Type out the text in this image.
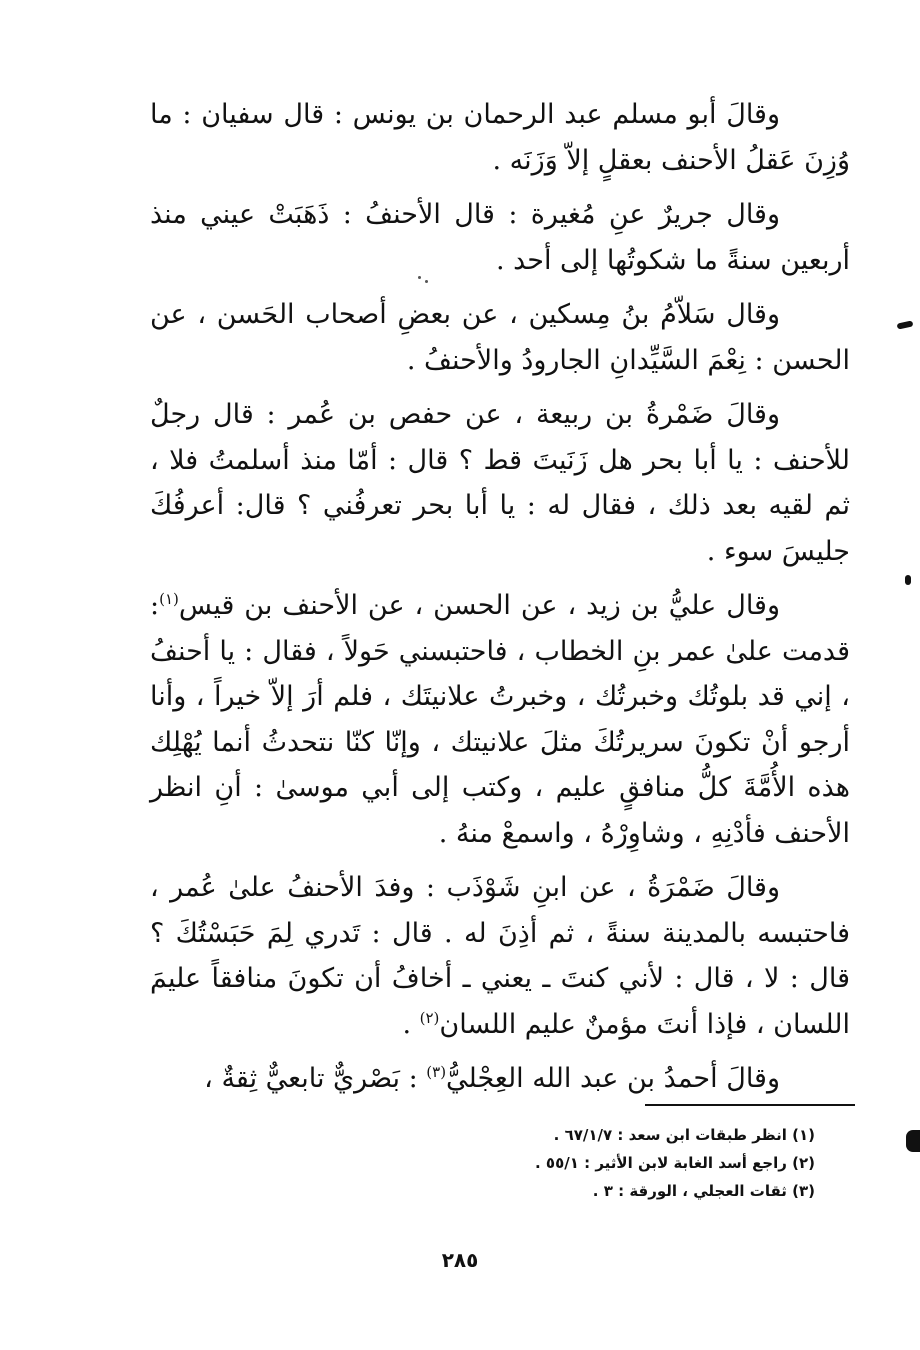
وقالَ أبو مسلم عبد الرحمان بن يونس : قال سفيان : ما وُزِنَ عَقلُ الأحنف بعقلٍ إلاّ وَزَنَه .

وقال جريرٌ عنِ مُغيرة : قال الأحنفُ : ذَهَبَتْ عيني منذ أربعين سنةً ما شكوتُها إلى أحد .

وقال سَلاّمُ بنُ مِسكين ، عن بعضِ أصحاب الحَسن ، عن الحسن : نِعْمَ السَّيِّدانِ الجارودُ والأحنفُ .

وقالَ ضَمْرةُ بن ربيعة ، عن حفص بن عُمر : قال رجلٌ للأحنف : يا أبا بحر هل زَنَيتَ قط ؟ قال : أمّا منذ أسلمتُ فلا ، ثم لقيه بعد ذلك ، فقال له : يا أبا بحر تعرفُني ؟ قال: أعرفُكَ جليسَ سوء .

وقال عليُّ بن زيد ، عن الحسن ، عن الأحنف بن قيس$^{(١)}$: قدمت علىٰ عمر بنِ الخطاب ، فاحتبسني حَولاً ، فقال : يا أحنفُ ، إني قد بلوتُك وخبرتُك ، وخبرتُ علانيتَك ، فلم أرَ إلاّ خيراً ، وأنا أرجو أنْ تكونَ سريرتُكَ مثلَ علانيتك ، وإنّا كنّا نتحدثُ أنما يُهْلِك هذه الأُمَّةَ كلُّ منافقٍ عليم ، وكتب إلى أبي موسىٰ : أنِ انظر الأحنف فأدْنِهِ ، وشاوِرْهُ ، واسمعْ منهُ .

وقالَ ضَمْرَةُ ، عن ابنِ شَوْذَب : وفدَ الأحنفُ علىٰ عُمر ، فاحتبسه بالمدينة سنةً ، ثم أذِنَ له . قال : تَدري لِمَ حَبَسْتُكَ ؟ قال : لا ، قال : لأني كنتَ ـ يعني ـ أخافُ أن تكونَ منافقاً عليمَ اللسان ، فإذا أنتَ مؤمنٌ عليم اللسان$^{(٢)}$ .

وقالَ أحمدُ بن عبد الله العِجْليُّ$^{(٣)}$ : بَصْريٌّ تابعيٌّ ثِقةٌ ،

(١) انظر طبقات ابن سعد : ٦٧/١/٧ .

(٢) راجع أسد الغابة لابن الأثير : ٥٥/١ .

(٣) ثقات العجلي ، الورقة : ٣ .

٢٨٥
